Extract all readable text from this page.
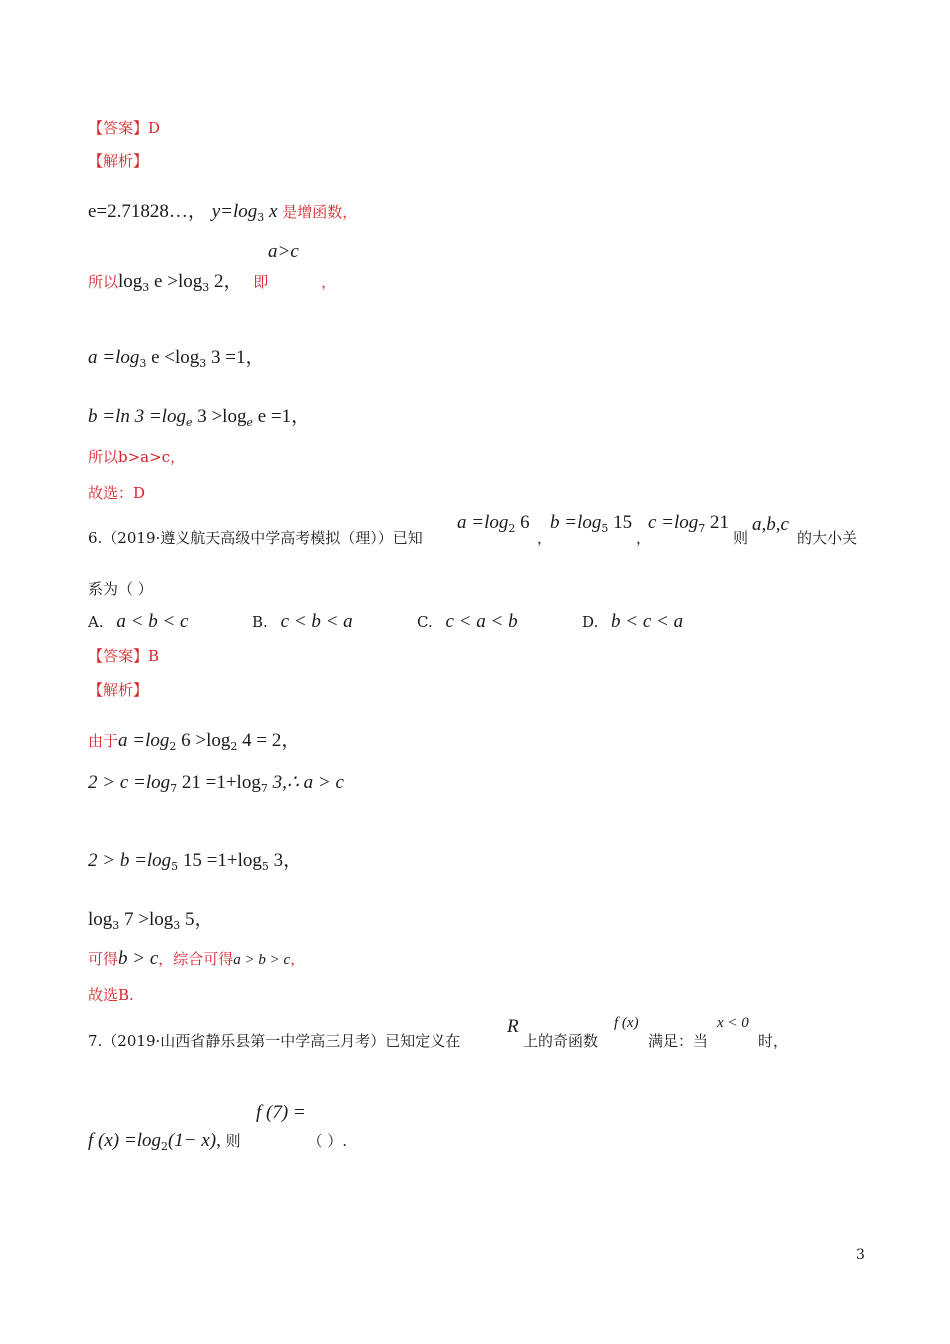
【答案】D
【解析】
e=2.71828…， $y=\log_3$ x 是增函数，
a>c
所以$\log_3 e >\log_3$ 2， 即	，
$a =\log_3$ $e <\log_3$ 3 =1，
b =ln $3 =\log_e$ $3 >\log_e$ e =1，
所以b>a>c，
故选：D
6.（2019·遵义航天高级中学高考模拟（理））已知
$a =\log_2$ 6
，
$b =\log_5$ 15
，
$c =\log_7$ 21
则
a,b,c
的大小关
系为（ ）
A. a < b < c	B. c < b < a	C. c < a < b	D. b < c < a
【答案】B
【解析】
由于$a =\log_2$ $6 >\log_2$ 4 = 2，
$2 > c =\log_7$ $21 =1+\log_7$ 3,∴ a > c
$2 > b =\log_5$ $15 =1+\log_5$ 3，
$\log_3 7 >\log_3$ 5，
可得b > c，综合可得a > b > c，
故选B.
7.（2019·山西省静乐县第一中学高三月考）已知定义在
R
上的奇函数
f (x)
满足：当
x < 0
时，
f (7) =
f $(x) =\log_2(1- x)$, 则	（ ）.
3
